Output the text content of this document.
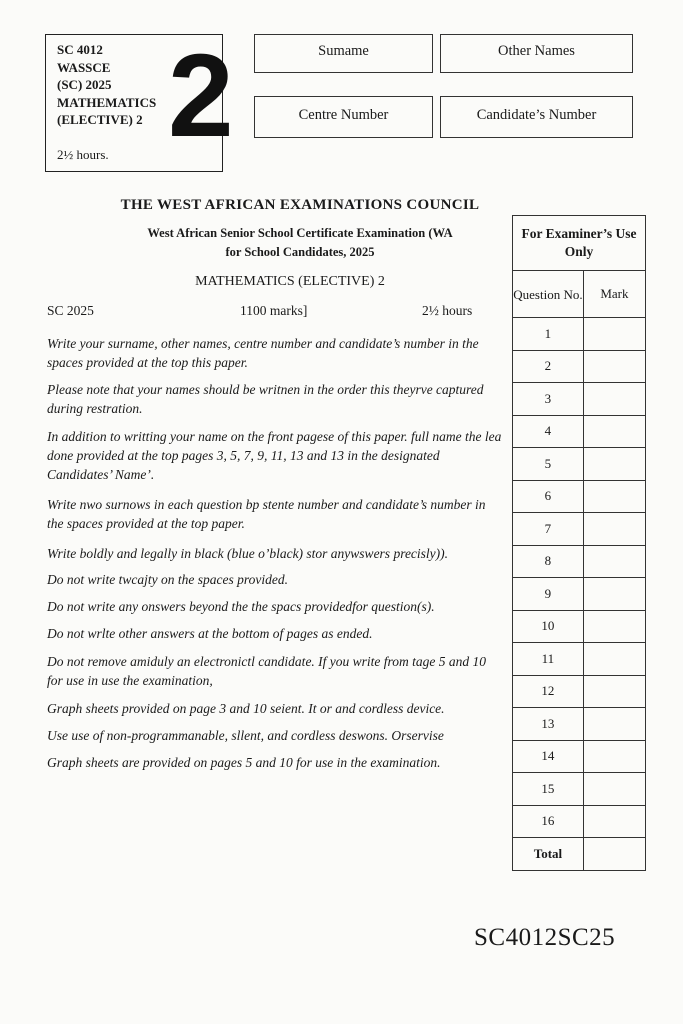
SC 4012
WASSCE
(SC) 2025
MATHEMATICS
(ELECTIVE) 2
2½ hours. 2	Sumame	Other Names
Centre Number	Candidate’s Number
THE WEST AFRICAN EXAMINATIONS COUNCIL
West African Senior School Certificate Examination (WA
for School Candidates, 2025
MATHEMATICS (ELECTIVE) 2
SC 2025	1100 marks]	2½ hours
Write your surname, other names, centre number and candidate’s number in the spaces provided at the top this paper.
Please note that your names should be writnen in the order this theyrve captured during restration.
In addition to writting your name on the front pagese of this paper. full name the lea done provided at the top pages 3, 5, 7, 9, 11, 13 and 13 in the designated Candidates’ Name’.
Write nwo surnows in each question bp stente number and candidate’s number in the spaces provided at the top paper.
Write boldly and legally in black (blue o’black) stor anywswers precisly)).
Do not write twcajty on the spaces provided.
Do not write any onswers beyond the the spacs providedfor question(s).
Do not wrlte other answers at the bottom of pages as ended.
Do not remove amiduly an electronictl candidate. If you write from tage 5 and 10 for use in use the examination,
Graph sheets provided on page 3 and 10 seient. It or and cordless device.
Use use of non-programmanable, sllent, and cordless deswons. Orservise
Graph sheets are provided on pages 5 and 10 for use in the examination.
For Examiner’s Use Only	
Question No.	Mark
1	
2	
3	
4	
5	
6	
7	
8	
9	
10	
11	
12	
13	
14	
15	
16	
Total	
SC4012SC25
